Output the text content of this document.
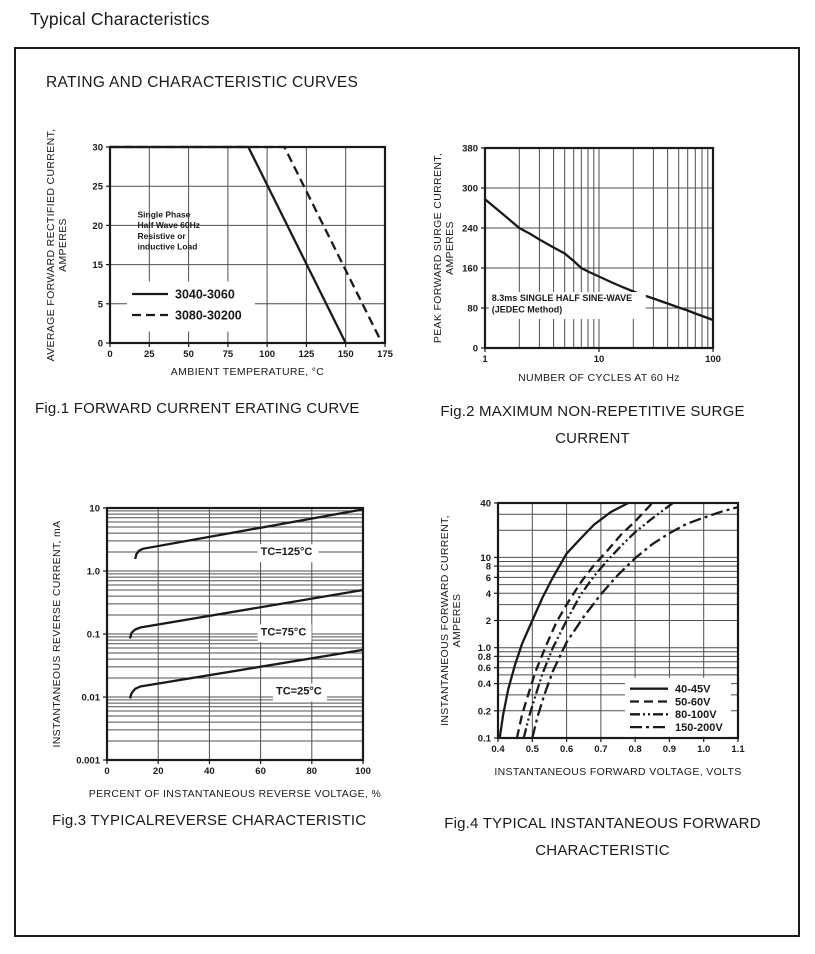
Typical Characteristics
RATING AND CHARACTERISTIC CURVES
0	25	50	75	100 125 150 175
30
25
20
15
5
0
Single Phase
Half Wave 60Hz
Resistive or
inductive Load
3040-3060
3080-30200
AMBIENT TEMPERATURE, °C
AVERAGE FORWARD RECTIFIED CURRENT, AMPERES
1	10	100
380
300
240
160
80
0
8.3ms SINGLE HALF SINE-WAVE
(JEDEC Method)
NUMBER OF CYCLES AT 60 Hz
PEAK FORWARD SURGE CURRENT, AMPERES
0	20	40	60	80	100
10
1.0
0.1
0.01
0.001
TC=125°C
TC=75°C
TC=25°C
PERCENT OF INSTANTANEOUS REVERSE VOLTAGE, %
INSTANTANEOUS REVERSE CURRENT, mA
0.4 0.5 0.6 0.7 0.8 0.9 1.0 1.1
40
10
8
6
4
2
1.0
0.8
0.6
0.4
0.2
0.1
40-45V
50-60V
80-100V
150-200V
INSTANTANEOUS FORWARD VOLTAGE, VOLTS
INSTANTANEOUS FORWARD CURRENT, AMPERES
Fig.1 FORWARD CURRENT ERATING CURVE	Fig.2 MAXIMUM NON-REPETITIVE SURGE
CURRENT
Fig.3 TYPICALREVERSE CHARACTERISTIC	Fig.4 TYPICAL INSTANTANEOUS FORWARD
CHARACTERISTIC
